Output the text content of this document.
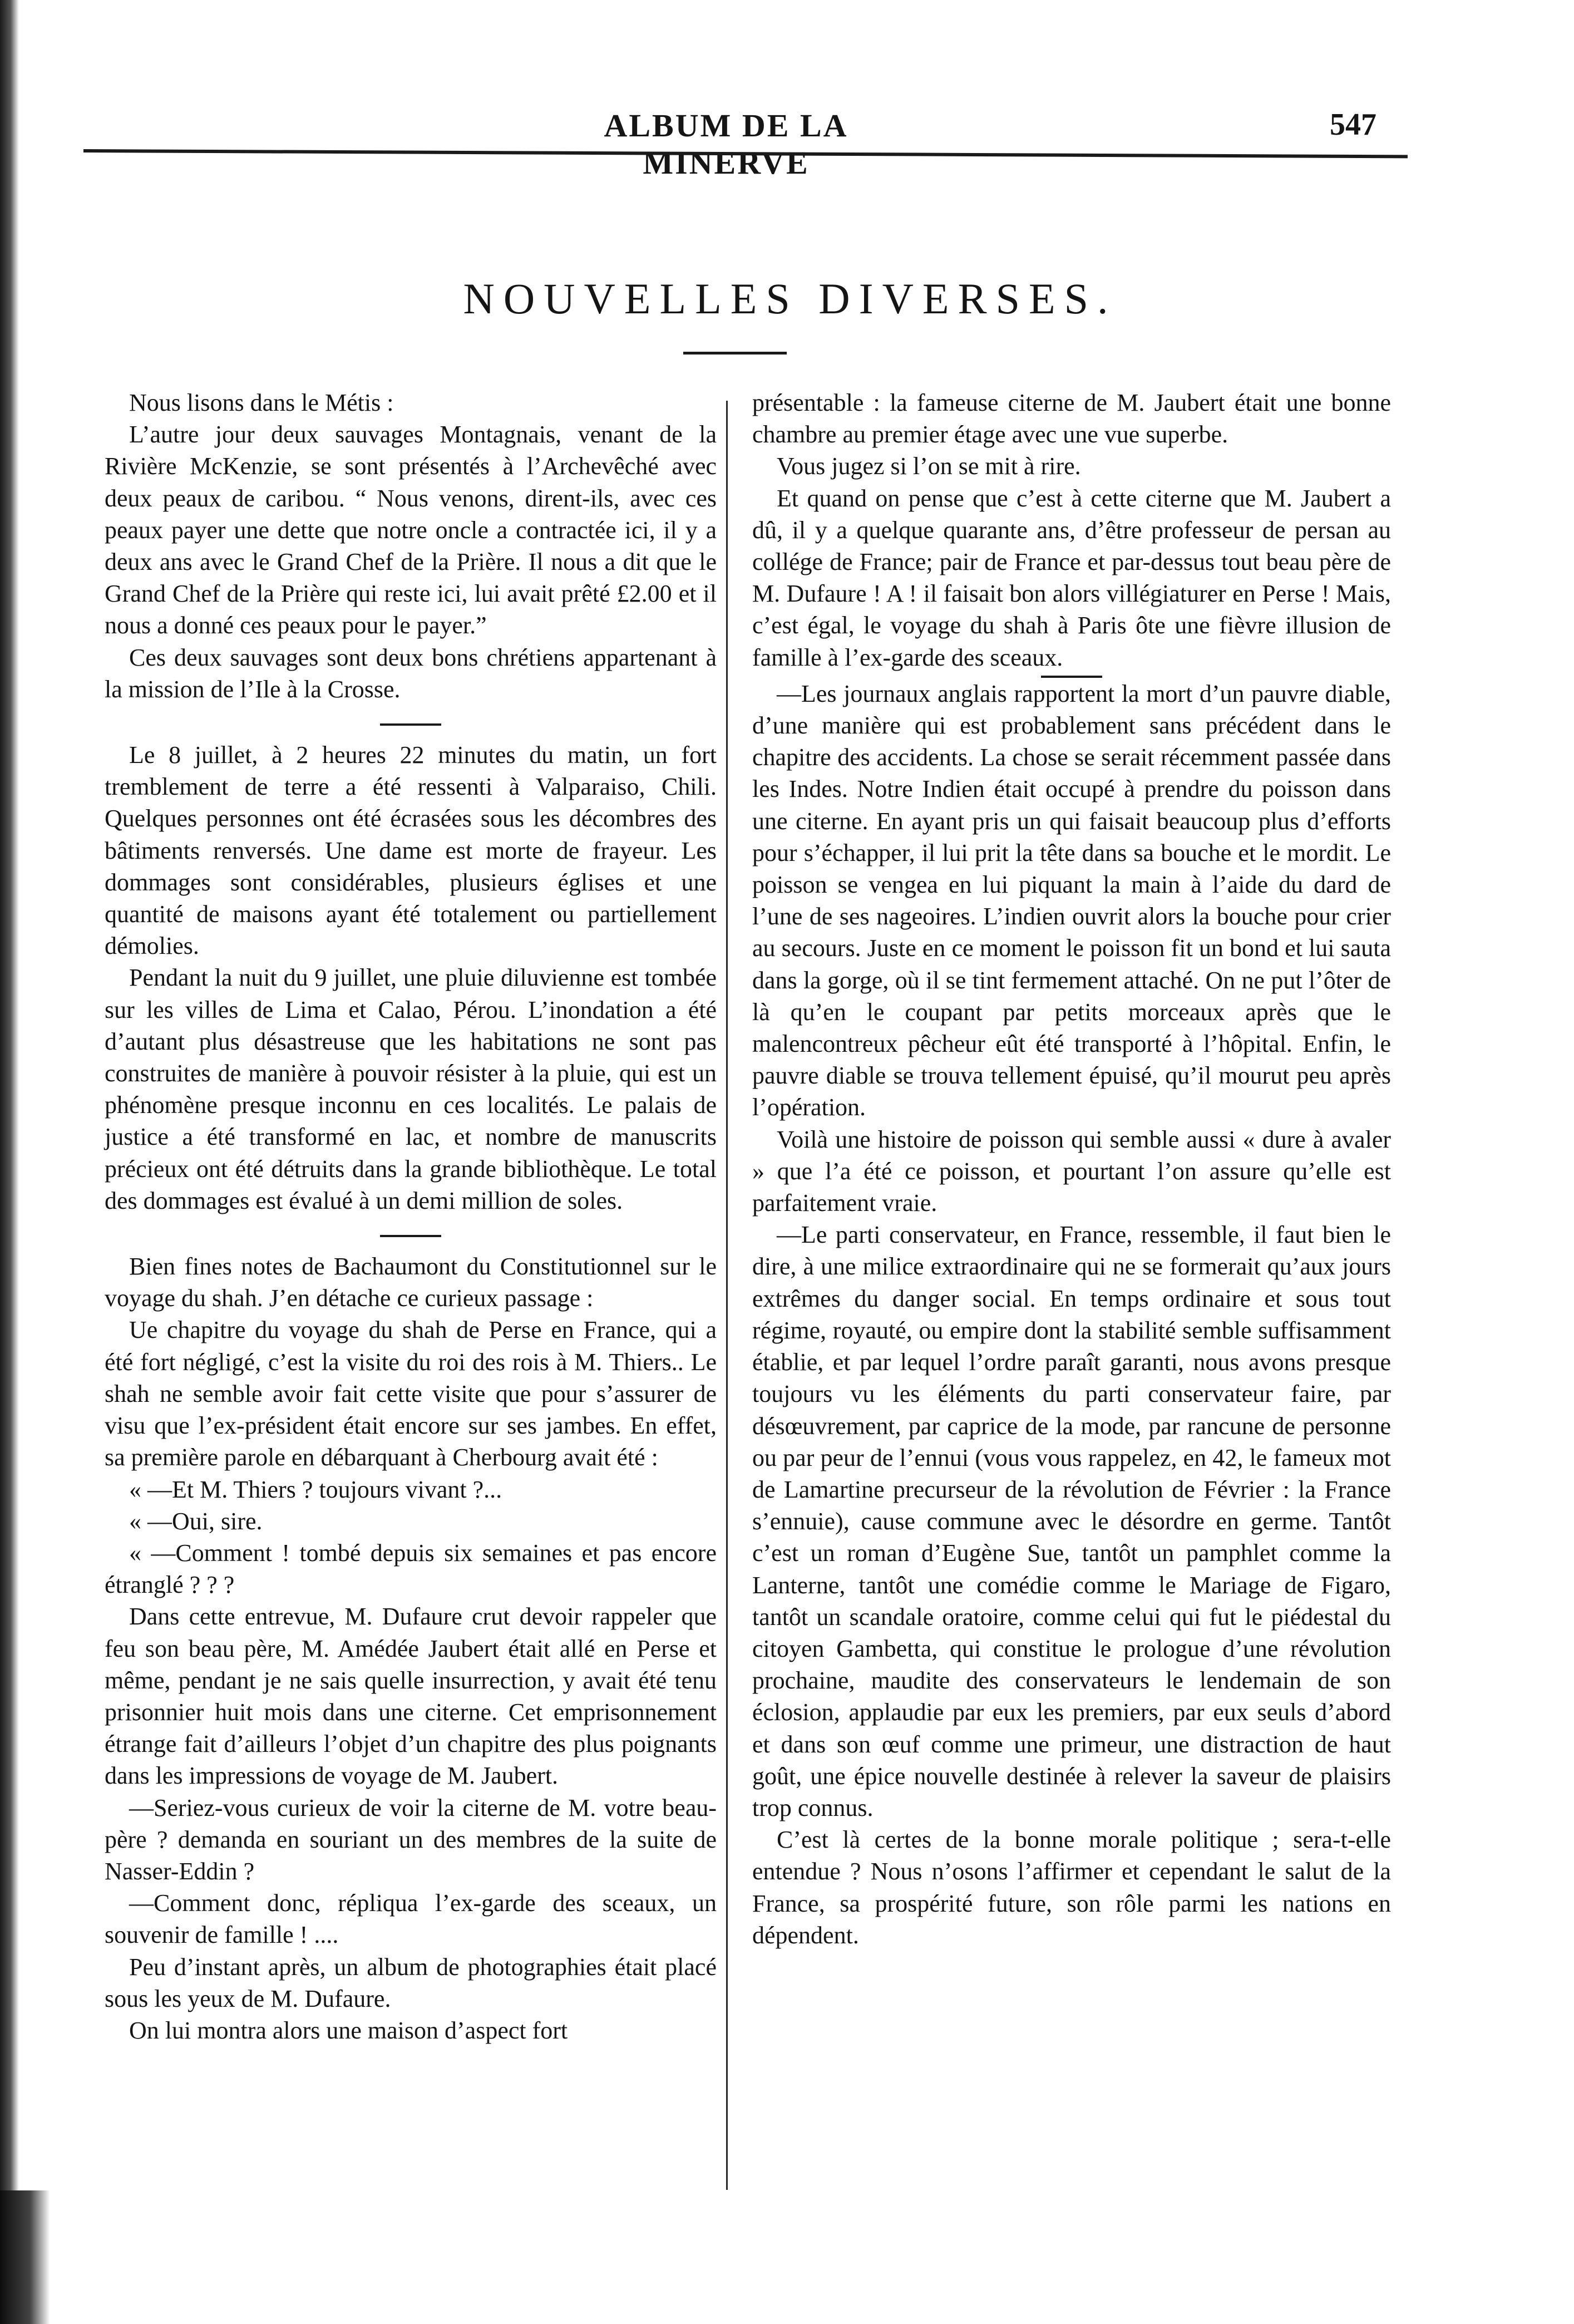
ALBUM DE LA MINERVE
547
NOUVELLES DIVERSES.

Nous lisons dans le Métis :

L’autre jour deux sauvages Montagnais, venant de la Rivière McKenzie, se sont présentés à l’Archevêché avec deux peaux de caribou. “ Nous venons, dirent-ils, avec ces peaux payer une dette que notre oncle a contractée ici, il y a deux ans avec le Grand Chef de la Prière. Il nous a dit que le Grand Chef de la Prière qui reste ici, lui avait prêté £2.00 et il nous a donné ces peaux pour le payer.”

Ces deux sauvages sont deux bons chrétiens appartenant à la mission de l’Ile à la Crosse.

Le 8 juillet, à 2 heures 22 minutes du matin, un fort tremblement de terre a été ressenti à Valparaiso, Chili. Quelques personnes ont été écrasées sous les décombres des bâtiments renversés. Une dame est morte de frayeur. Les dommages sont considérables, plusieurs églises et une quantité de maisons ayant été totalement ou partiellement démolies.

Pendant la nuit du 9 juillet, une pluie diluvienne est tombée sur les villes de Lima et Calao, Pérou. L’inondation a été d’autant plus désastreuse que les habitations ne sont pas construites de manière à pouvoir résister à la pluie, qui est un phénomène presque inconnu en ces localités. Le palais de justice a été transformé en lac, et nombre de manuscrits précieux ont été détruits dans la grande bibliothèque. Le total des dommages est évalué à un demi million de soles.

Bien fines notes de Bachaumont du Constitutionnel sur le voyage du shah. J’en détache ce curieux passage :

Ue chapitre du voyage du shah de Perse en France, qui a été fort négligé, c’est la visite du roi des rois à M. Thiers.. Le shah ne semble avoir fait cette visite que pour s’assurer de visu que l’ex-président était encore sur ses jambes. En effet, sa première parole en débarquant à Cherbourg avait été :

« —Et M. Thiers ? toujours vivant ?...

« —Oui, sire.

« —Comment ! tombé depuis six semaines et pas encore étranglé ? ? ?

Dans cette entrevue, M. Dufaure crut devoir rappeler que feu son beau père, M. Amédée Jaubert était allé en Perse et même, pendant je ne sais quelle insurrection, y avait été tenu prisonnier huit mois dans une citerne. Cet emprisonnement étrange fait d’ailleurs l’objet d’un chapitre des plus poignants dans les impressions de voyage de M. Jaubert.

—Seriez-vous curieux de voir la citerne de M. votre beau-père ? demanda en souriant un des membres de la suite de Nasser-Eddin ?

—Comment donc, répliqua l’ex-garde des sceaux, un souvenir de famille ! ....

Peu d’instant après, un album de photographies était placé sous les yeux de M. Dufaure.

On lui montra alors une maison d’aspect fort

présentable : la fameuse citerne de M. Jaubert était une bonne chambre au premier étage avec une vue superbe.

Vous jugez si l’on se mit à rire.

Et quand on pense que c’est à cette citerne que M. Jaubert a dû, il y a quelque quarante ans, d’être professeur de persan au collége de France; pair de France et par-dessus tout beau père de M. Dufaure ! A ! il faisait bon alors villégiaturer en Perse ! Mais, c’est égal, le voyage du shah à Paris ôte une fièvre illusion de famille à l’ex-garde des sceaux.

—Les journaux anglais rapportent la mort d’un pauvre diable, d’une manière qui est probablement sans précédent dans le chapitre des accidents. La chose se serait récemment passée dans les Indes. Notre Indien était occupé à prendre du poisson dans une citerne. En ayant pris un qui faisait beaucoup plus d’efforts pour s’échapper, il lui prit la tête dans sa bouche et le mordit. Le poisson se vengea en lui piquant la main à l’aide du dard de l’une de ses nageoires. L’indien ouvrit alors la bouche pour crier au secours. Juste en ce moment le poisson fit un bond et lui sauta dans la gorge, où il se tint fermement attaché. On ne put l’ôter de là qu’en le coupant par petits morceaux après que le malencontreux pêcheur eût été transporté à l’hôpital. Enfin, le pauvre diable se trouva tellement épuisé, qu’il mourut peu après l’opération.

Voilà une histoire de poisson qui semble aussi « dure à avaler » que l’a été ce poisson, et pourtant l’on assure qu’elle est parfaitement vraie.

—Le parti conservateur, en France, ressemble, il faut bien le dire, à une milice extraordinaire qui ne se formerait qu’aux jours extrêmes du danger social. En temps ordinaire et sous tout régime, royauté, ou empire dont la stabilité semble suffisamment établie, et par lequel l’ordre paraît garanti, nous avons presque toujours vu les éléments du parti conservateur faire, par désœuvrement, par caprice de la mode, par rancune de personne ou par peur de l’ennui (vous vous rappelez, en 42, le fameux mot de Lamartine precurseur de la révolution de Février : la France s’ennuie), cause commune avec le désordre en germe. Tantôt c’est un roman d’Eugène Sue, tantôt un pamphlet comme la Lanterne, tantôt une comédie comme le Mariage de Figaro, tantôt un scandale oratoire, comme celui qui fut le piédestal du citoyen Gambetta, qui constitue le prologue d’une révolution prochaine, maudite des conservateurs le lendemain de son éclosion, applaudie par eux les premiers, par eux seuls d’abord et dans son œuf comme une primeur, une distraction de haut goût, une épice nouvelle destinée à relever la saveur de plaisirs trop connus.

C’est là certes de la bonne morale politique ; sera-t-elle entendue ? Nous n’osons l’affirmer et cependant le salut de la France, sa prospérité future, son rôle parmi les nations en dépendent.
